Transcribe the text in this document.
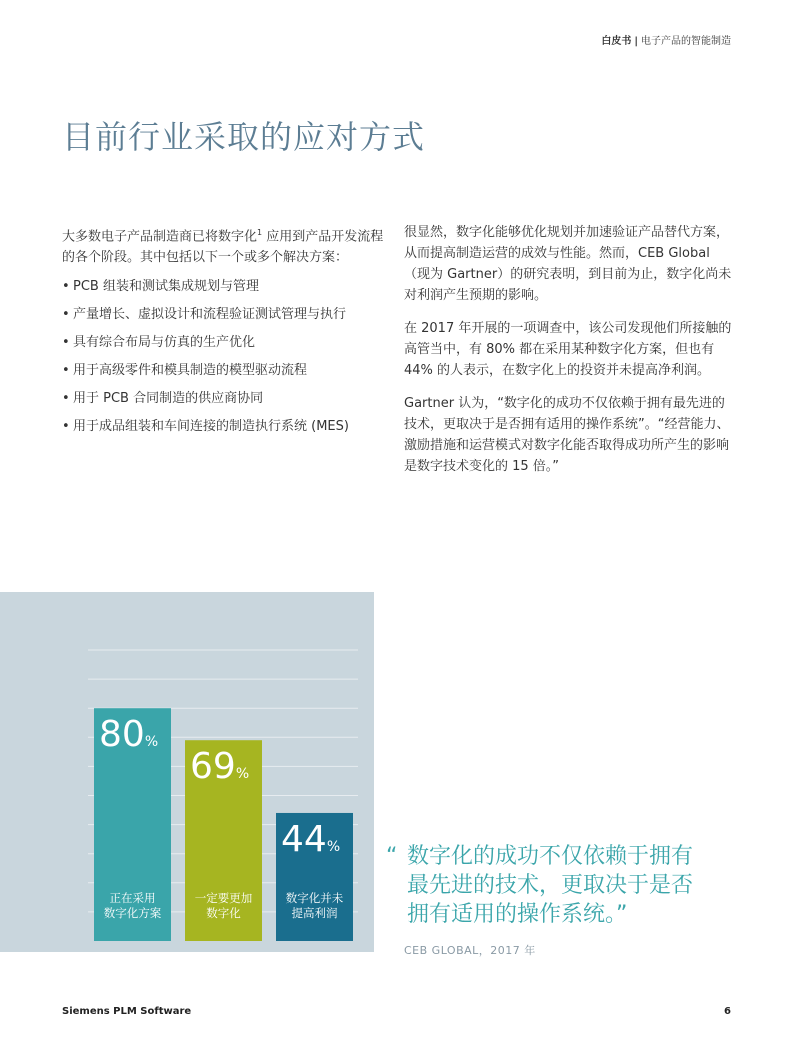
白皮书 | 电子产品的智能制造
目前行业采取的应对方式

大多数电子产品制造商已将数字化$^1$ 应用到产品开发流程的各个阶段。其中包括以下一个或多个解决方案：

• PCB 组装和测试集成规划与管理
• 产量增长、虚拟设计和流程验证测试管理与执行
• 具有综合布局与仿真的生产优化
• 用于高级零件和模具制造的模型驱动流程
• 用于 PCB 合同制造的供应商协同
• 用于成品组装和车间连接的制造执行系统 (MES)

很显然，数字化能够优化规划并加速验证产品替代方案，从而提高制造运营的成效与性能。然而，CEB Global（现为 Gartner）的研究表明，到目前为止，数字化尚未对利润产生预期的影响。

在 2017 年开展的一项调查中，该公司发现他们所接触的高管当中，有 80% 都在采用某种数字化方案，但也有 44% 的人表示，在数字化上的投资并未提高净利润。

Gartner 认为，“数字化的成功不仅依赖于拥有最先进的技术，更取决于是否拥有适用的操作系统”。“经营能力、激励措施和运营模式对数字化能否取得成功所产生的影响是数字技术变化的 15 倍。”

80%
正在采用
数字化方案
69%
一定要更加
数字化
44%
数字化并未
提高利润
“ 数字化的成功不仅依赖于拥有
最先进的技术，更取决于是否
拥有适用的操作系统。”
CEB GLOBAL，2017 年
Siemens PLM Software	6
